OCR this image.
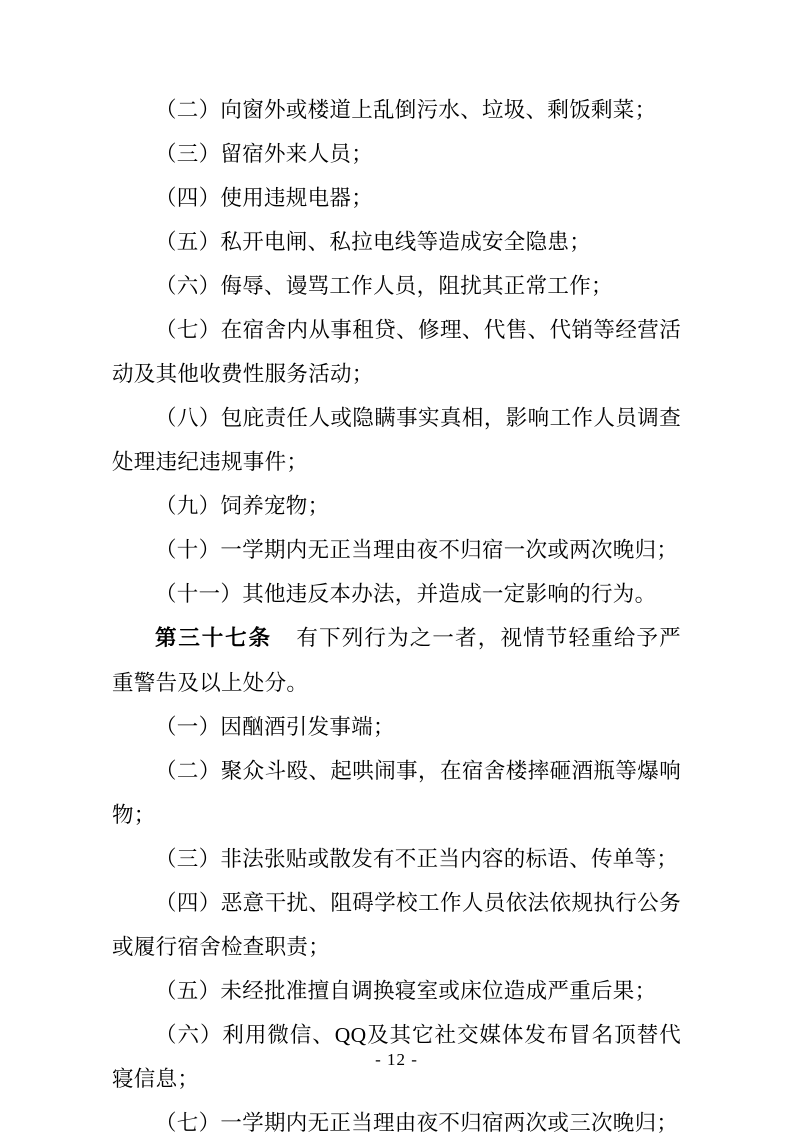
（二）向窗外或楼道上乱倒污水、垃圾、剩饭剩菜；

（三）留宿外来人员；

（四）使用违规电器；

（五）私开电闸、私拉电线等造成安全隐患；

（六）侮辱、谩骂工作人员，阻扰其正常工作；

（七）在宿舍内从事租贷、修理、代售、代销等经营活动及其他收费性服务活动；

（八）包庇责任人或隐瞒事实真相，影响工作人员调查处理违纪违规事件；

（九）饲养宠物；

（十）一学期内无正当理由夜不归宿一次或两次晚归；

（十一）其他违反本办法，并造成一定影响的行为。

第三十七条 有下列行为之一者，视情节轻重给予严重警告及以上处分。

（一）因酗酒引发事端；

（二）聚众斗殴、起哄闹事，在宿舍楼摔砸酒瓶等爆响物；

（三）非法张贴或散发有不正当内容的标语、传单等；

（四）恶意干扰、阻碍学校工作人员依法依规执行公务或履行宿舍检查职责；

（五）未经批准擅自调换寝室或床位造成严重后果；

（六）利用微信、QQ及其它社交媒体发布冒名顶替代寝信息；

（七）一学期内无正当理由夜不归宿两次或三次晚归；

- 12 -
